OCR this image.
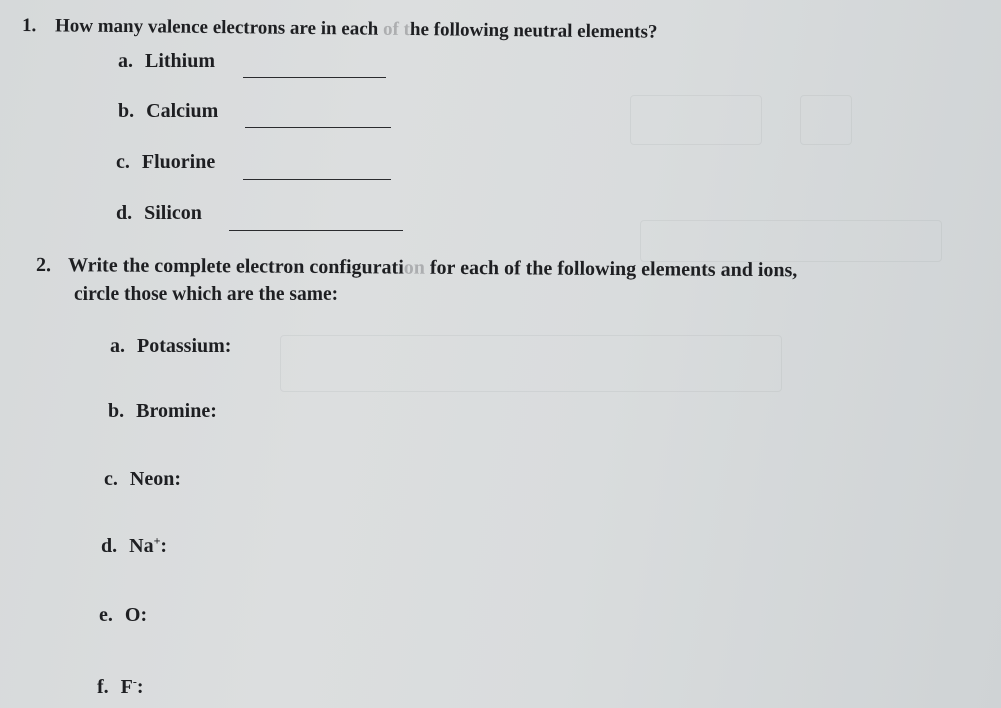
1. How many valence electrons are in each of the following neutral elements?
a. Lithium
b. Calcium
c. Fluorine
d. Silicon
2. Write the complete electron configuration for each of the following elements and ions,
circle those which are the same:
a. Potassium:
b. Bromine:
c. Neon:
d. Na+:
e. O:
f. F-:
